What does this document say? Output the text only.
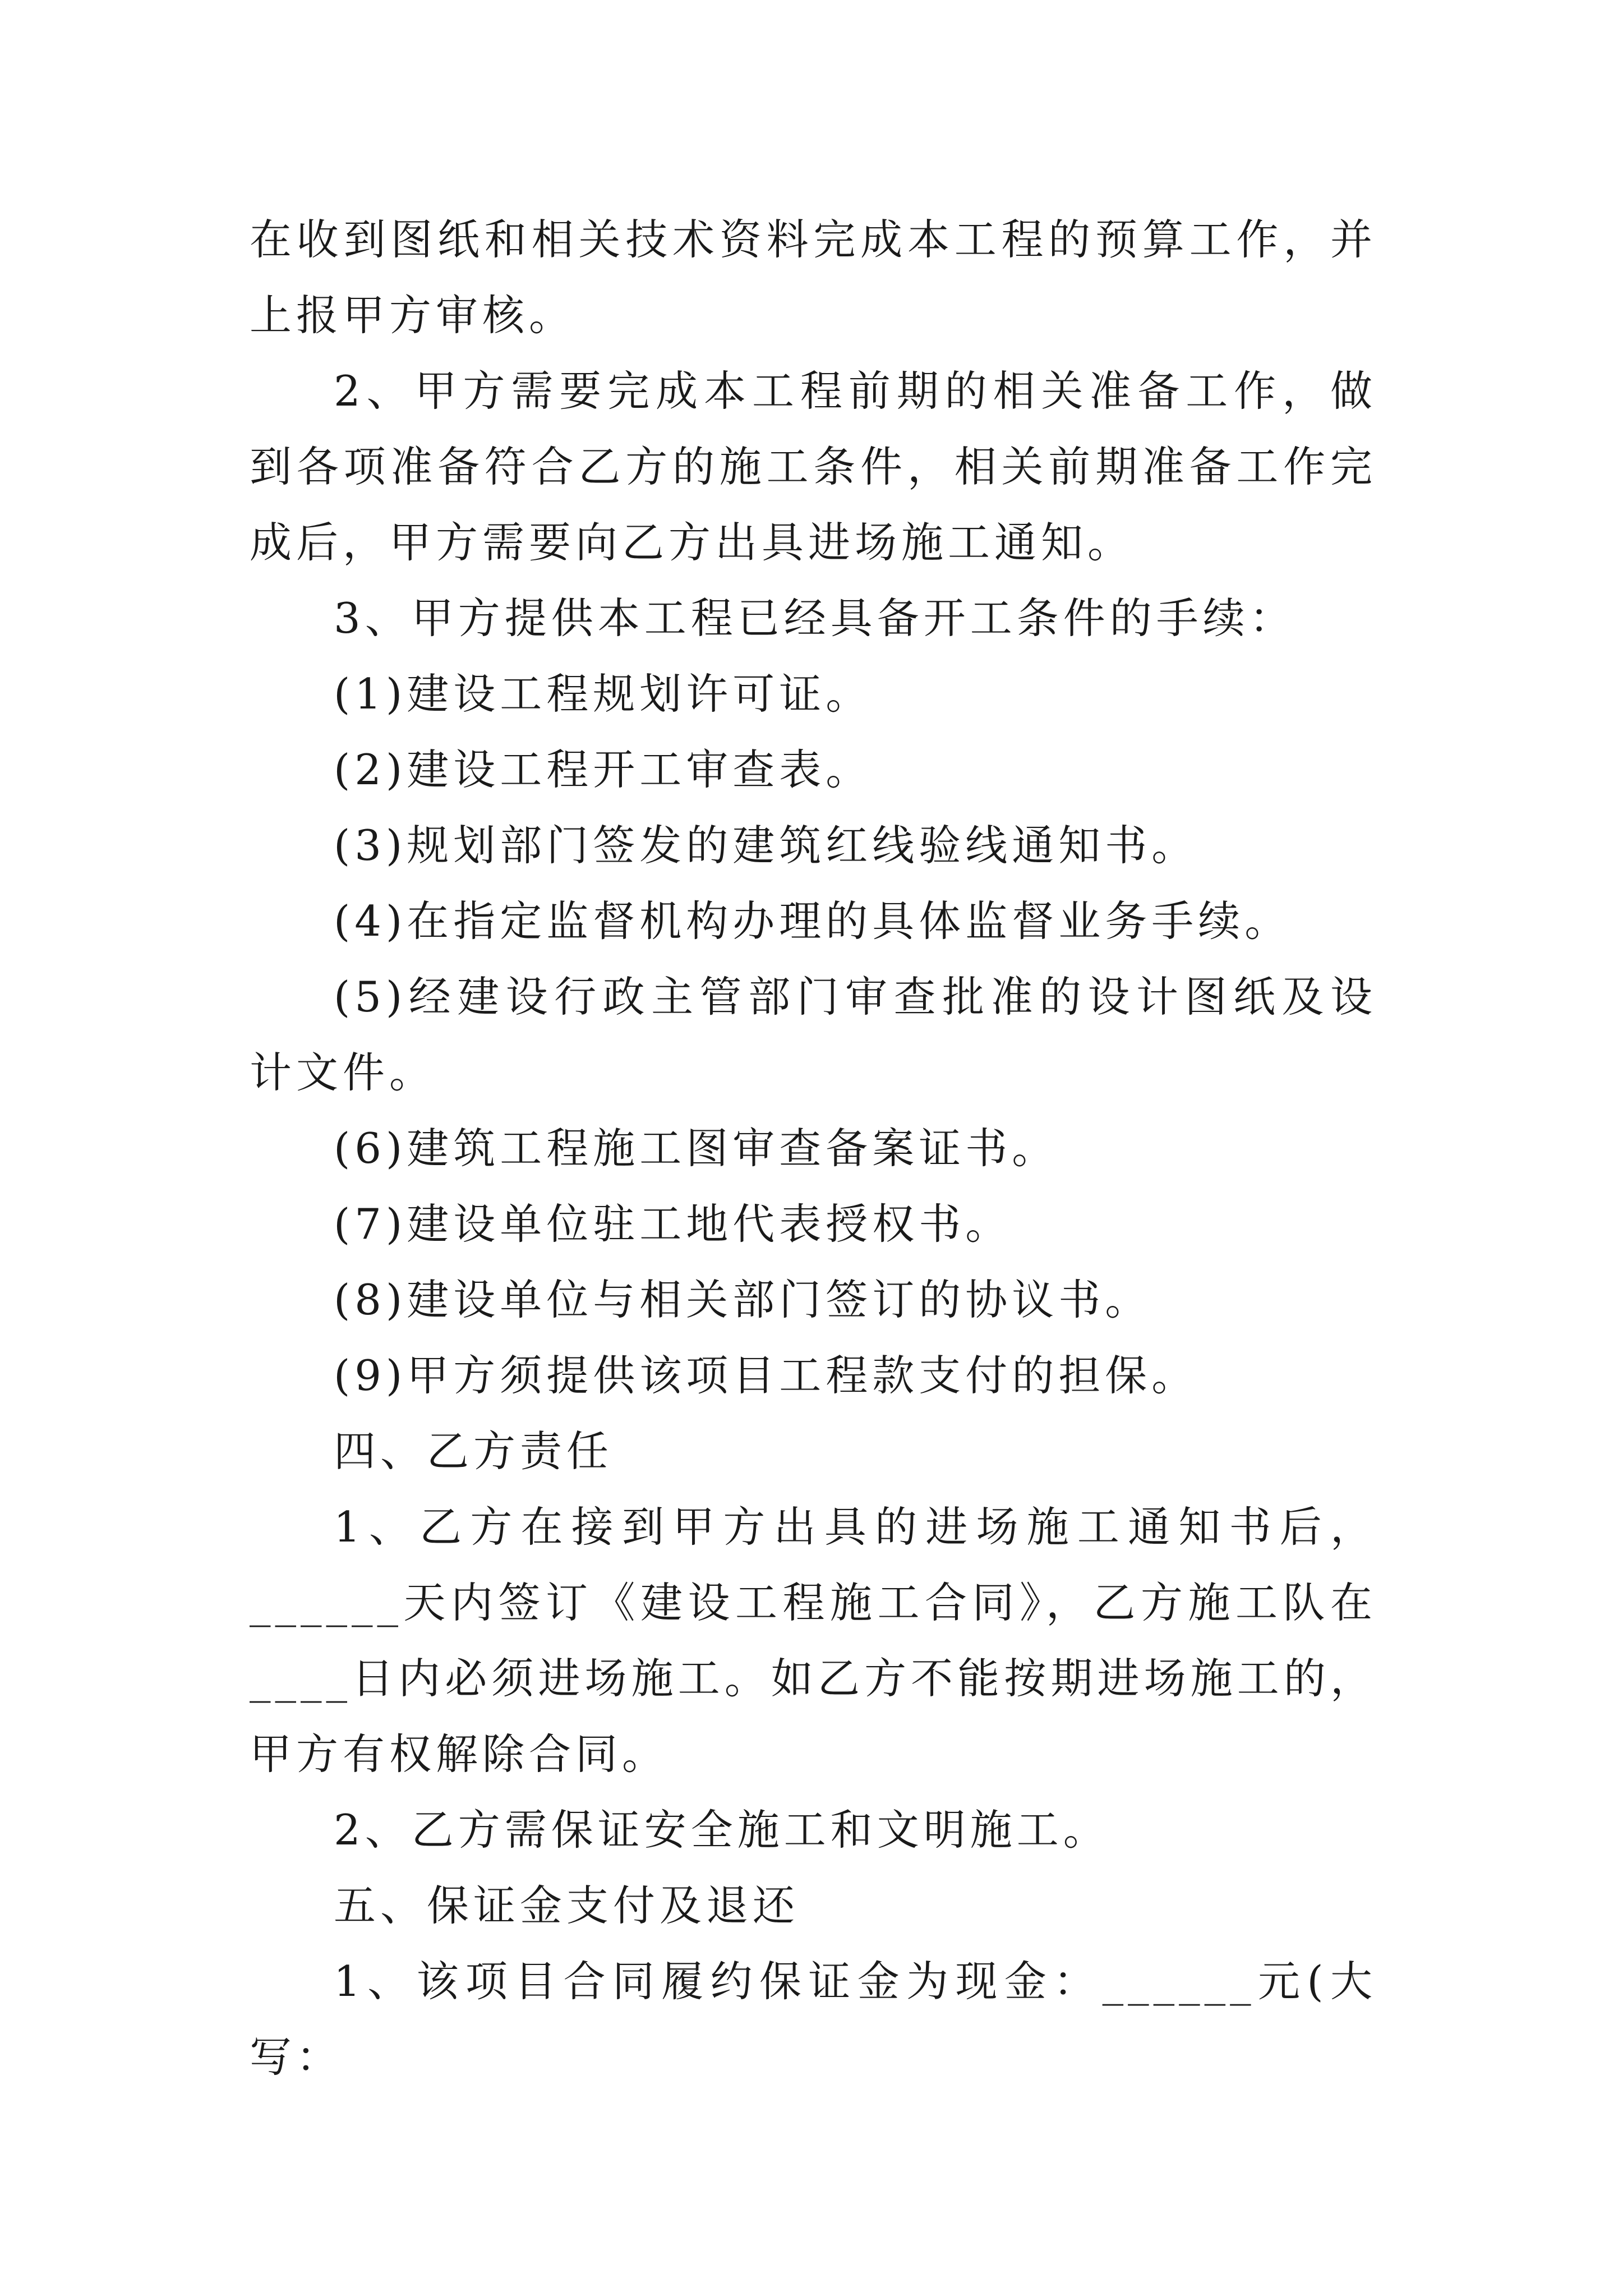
在收到图纸和相关技术资料完成本工程的预算工作，并上报甲方审核。

2、甲方需要完成本工程前期的相关准备工作，做到各项准备符合乙方的施工条件，相关前期准备工作完成后，甲方需要向乙方出具进场施工通知。

3、甲方提供本工程已经具备开工条件的手续：

(1)建设工程规划许可证。

(2)建设工程开工审查表。

(3)规划部门签发的建筑红线验线通知书。

(4)在指定监督机构办理的具体监督业务手续。

(5)经建设行政主管部门审查批准的设计图纸及设计文件。

(6)建筑工程施工图审查备案证书。

(7)建设单位驻工地代表授权书。

(8)建设单位与相关部门签订的协议书。

(9)甲方须提供该项目工程款支付的担保。

四、乙方责任

1、乙方在接到甲方出具的进场施工通知书后，______天内签订《建设工程施工合同》，乙方施工队在____日内必须进场施工。如乙方不能按期进场施工的，甲方有权解除合同。

2、乙方需保证安全施工和文明施工。

五、保证金支付及退还

1、该项目合同履约保证金为现金：______元(大写：
